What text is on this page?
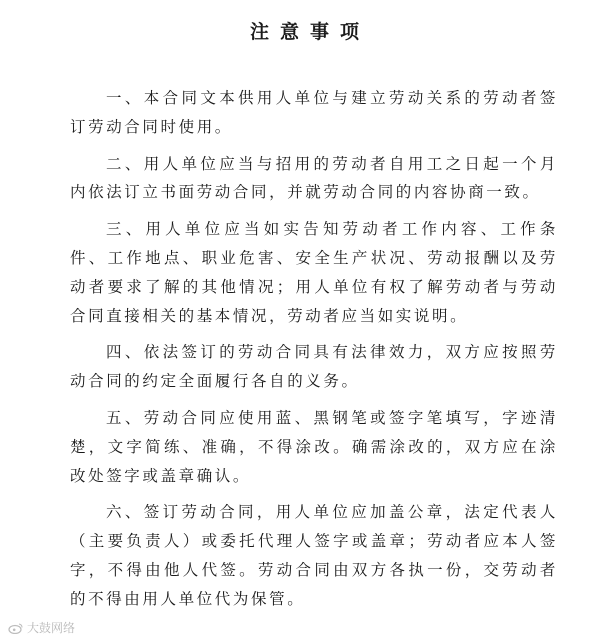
注意事项

一、本合同文本供用人单位与建立劳动关系的劳动者签订劳动合同时使用。

二、用人单位应当与招用的劳动者自用工之日起一个月内依法订立书面劳动合同，并就劳动合同的内容协商一致。

三、用人单位应当如实告知劳动者工作内容、工作条件、工作地点、职业危害、安全生产状况、劳动报酬以及劳动者要求了解的其他情况；用人单位有权了解劳动者与劳动合同直接相关的基本情况，劳动者应当如实说明。

四、依法签订的劳动合同具有法律效力，双方应按照劳动合同的约定全面履行各自的义务。

五、劳动合同应使用蓝、黑钢笔或签字笔填写，字迹清楚，文字简练、准确，不得涂改。确需涂改的，双方应在涂改处签字或盖章确认。

六、签订劳动合同，用人单位应加盖公章，法定代表人（主要负责人）或委托代理人签字或盖章；劳动者应本人签字，不得由他人代签。劳动合同由双方各执一份，交劳动者的不得由用人单位代为保管。

大鼓网络
